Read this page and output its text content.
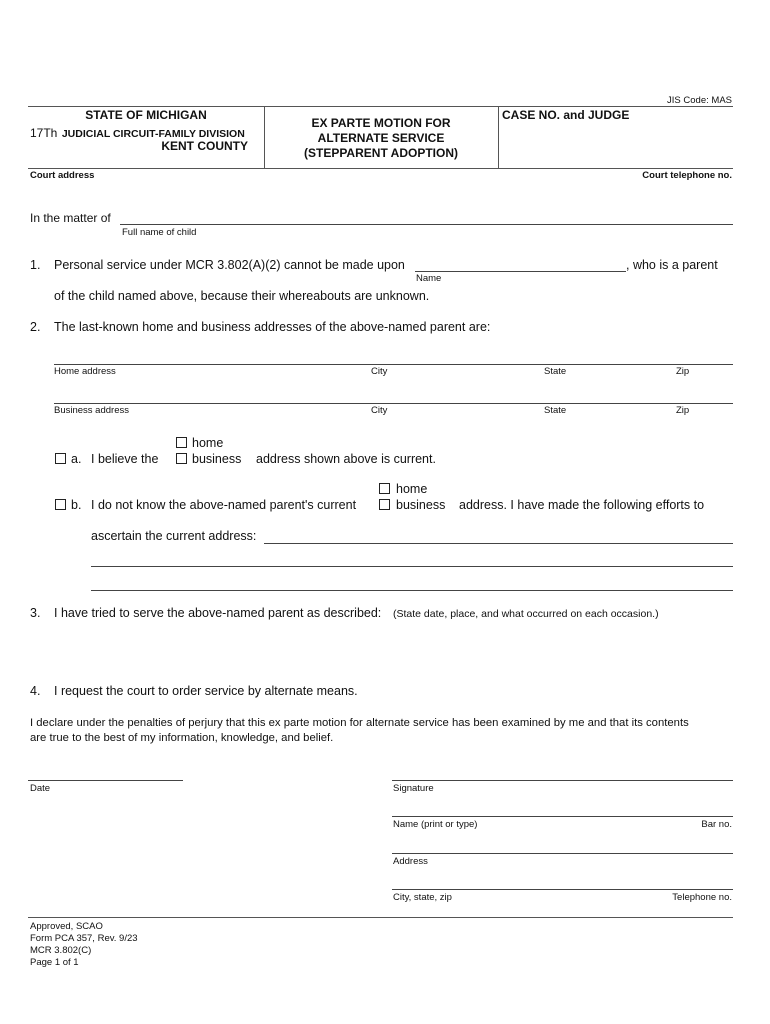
JIS Code: MAS
STATE OF MICHIGAN
17Th JUDICIAL CIRCUIT-FAMILY DIVISION
KENT COUNTY
EX PARTE MOTION FOR
ALTERNATE SERVICE
(STEPPARENT ADOPTION)
CASE NO. and JUDGE
Court address	Court telephone no.
In the matter of
Full name of child
1. Personal service under MCR 3.802(A)(2) cannot be made upon	, who is a parent
Name
of the child named above, because their whereabouts are unknown.
2. The last-known home and business addresses of the above-named parent are:
Home address	City	State	Zip
Business address	City	State	Zip
a. I believe the
home
business address shown above is current.
b. I do not know the above-named parent's current
home
business address. I have made the following efforts to
ascertain the current address:
3. I have tried to serve the above-named parent as described: (State date, place, and what occurred on each occasion.)
4. I request the court to order service by alternate means.
I declare under the penalties of perjury that this ex parte motion for alternate service has been examined by me and that its contents
are true to the best of my information, knowledge, and belief.
Date	Signature
Name (print or type)	Bar no.
Address
City, state, zip	Telephone no.
Approved, SCAO
Form PCA 357, Rev. 9/23
MCR 3.802(C)
Page 1 of 1
